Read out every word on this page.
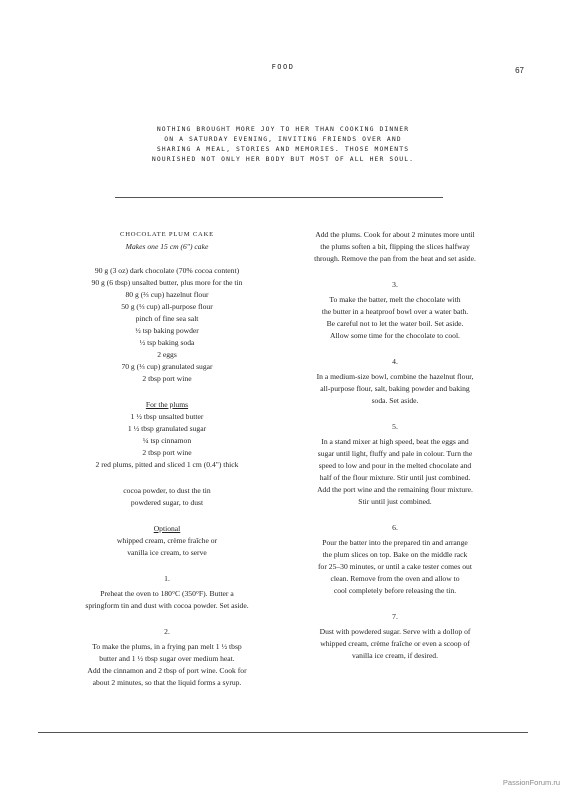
FOOD	67
NOTHING BROUGHT MORE JOY TO HER THAN COOKING DINNER
ON A SATURDAY EVENING, INVITING FRIENDS OVER AND
SHARING A MEAL, STORIES AND MEMORIES. THOSE MOMENTS
NOURISHED NOT ONLY HER BODY BUT MOST OF ALL HER SOUL.
CHOCOLATE PLUM CAKE
Makes one 15 cm (6") cake
90 g (3 oz) dark chocolate (70% cocoa content)
90 g (6 tbsp) unsalted butter, plus more for the tin
80 g (⅔ cup) hazelnut flour
50 g (⅓ cup) all-purpose flour
pinch of fine sea salt
½ tsp baking powder
½ tsp baking soda
2 eggs
70 g (⅓ cup) granulated sugar
2 tbsp port wine
For the plums
1 ½ tbsp unsalted butter
1 ½ tbsp granulated sugar
¼ tsp cinnamon
2 tbsp port wine
2 red plums, pitted and sliced 1 cm (0.4") thick
cocoa powder, to dust the tin
powdered sugar, to dust
Optional
whipped cream, crème fraîche or
vanilla ice cream, to serve
1.
Preheat the oven to 180°C (350°F). Butter a
springform tin and dust with cocoa powder. Set aside.
2.
To make the plums, in a frying pan melt 1 ½ tbsp
butter and 1 ½ tbsp sugar over medium heat.
Add the cinnamon and 2 tbsp of port wine. Cook for
about 2 minutes, so that the liquid forms a syrup.
Add the plums. Cook for about 2 minutes more until
the plums soften a bit, flipping the slices halfway
through. Remove the pan from the heat and set aside.
3.
To make the batter, melt the chocolate with
the butter in a heatproof bowl over a water bath.
Be careful not to let the water boil. Set aside.
Allow some time for the chocolate to cool.
4.
In a medium-size bowl, combine the hazelnut flour,
all-purpose flour, salt, baking powder and baking
soda. Set aside.
5.
In a stand mixer at high speed, beat the eggs and
sugar until light, fluffy and pale in colour. Turn the
speed to low and pour in the melted chocolate and
half of the flour mixture. Stir until just combined.
Add the port wine and the remaining flour mixture.
Stir until just combined.
6.
Pour the batter into the prepared tin and arrange
the plum slices on top. Bake on the middle rack
for 25–30 minutes, or until a cake tester comes out
clean. Remove from the oven and allow to
cool completely before releasing the tin.
7.
Dust with powdered sugar. Serve with a dollop of
whipped cream, crème fraîche or even a scoop of
vanilla ice cream, if desired.
PassionForum.ru
